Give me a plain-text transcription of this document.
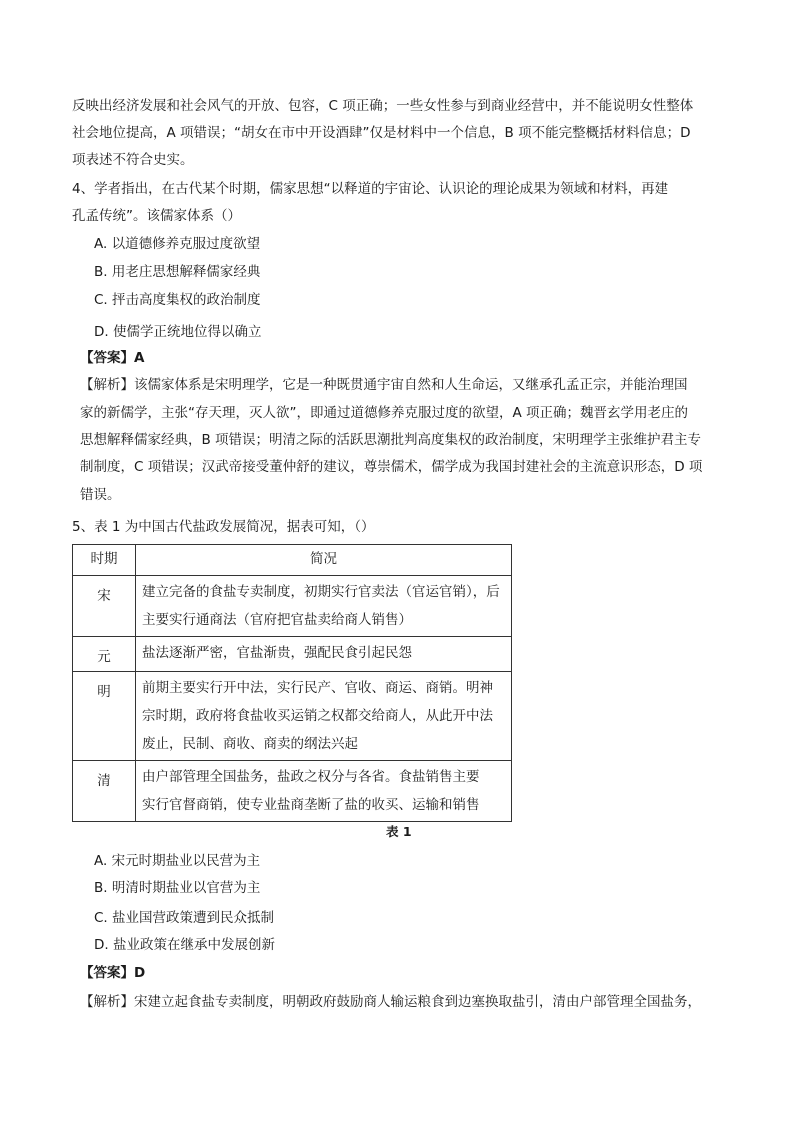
反映出经济发展和社会风气的开放、包容，C 项正确；一些女性参与到商业经营中，并不能说明女性整体
社会地位提高，A 项错误；“胡女在市中开设酒肆”仅是材料中一个信息，B 项不能完整概括材料信息；D
项表述不符合史实。
4、学者指出，在古代某个时期，儒家思想“以释道的宇宙论、认识论的理论成果为领域和材料，再建
孔孟传统”。该儒家体系（）
A. 以道德修养克服过度欲望
B. 用老庄思想解释儒家经典
C. 抨击高度集权的政治制度
D. 使儒学正统地位得以确立
【答案】A
【解析】该儒家体系是宋明理学，它是一种既贯通宇宙自然和人生命运，又继承孔孟正宗，并能治理国
家的新儒学，主张“存天理，灭人欲”，即通过道德修养克服过度的欲望，A 项正确；魏晋玄学用老庄的
思想解释儒家经典，B 项错误；明清之际的活跃思潮批判高度集权的政治制度，宋明理学主张维护君主专
制制度，C 项错误；汉武帝接受董仲舒的建议，尊崇儒术，儒学成为我国封建社会的主流意识形态，D 项
错误。
5、表 1 为中国古代盐政发展简况，据表可知，（）
时期	简况
宋	建立完备的食盐专卖制度，初期实行官卖法（官运官销），后
主要实行通商法（官府把官盐卖给商人销售）

元	盐法逐渐严密，官盐渐贵，强配民食引起民怨

明	前期主要实行开中法，实行民产、官收、商运、商销。明神
宗时期，政府将食盐收买运销之权都交给商人，从此开中法
废止，民制、商收、商卖的纲法兴起

清	由户部管理全国盐务，盐政之权分与各省。食盐销售主要
实行官督商销，使专业盐商垄断了盐的收买、运输和销售
表 1
A. 宋元时期盐业以民营为主
B. 明清时期盐业以官营为主
C. 盐业国营政策遭到民众抵制
D. 盐业政策在继承中发展创新
【答案】D
【解析】宋建立起食盐专卖制度，明朝政府鼓励商人输运粮食到边塞换取盐引，清由户部管理全国盐务，
